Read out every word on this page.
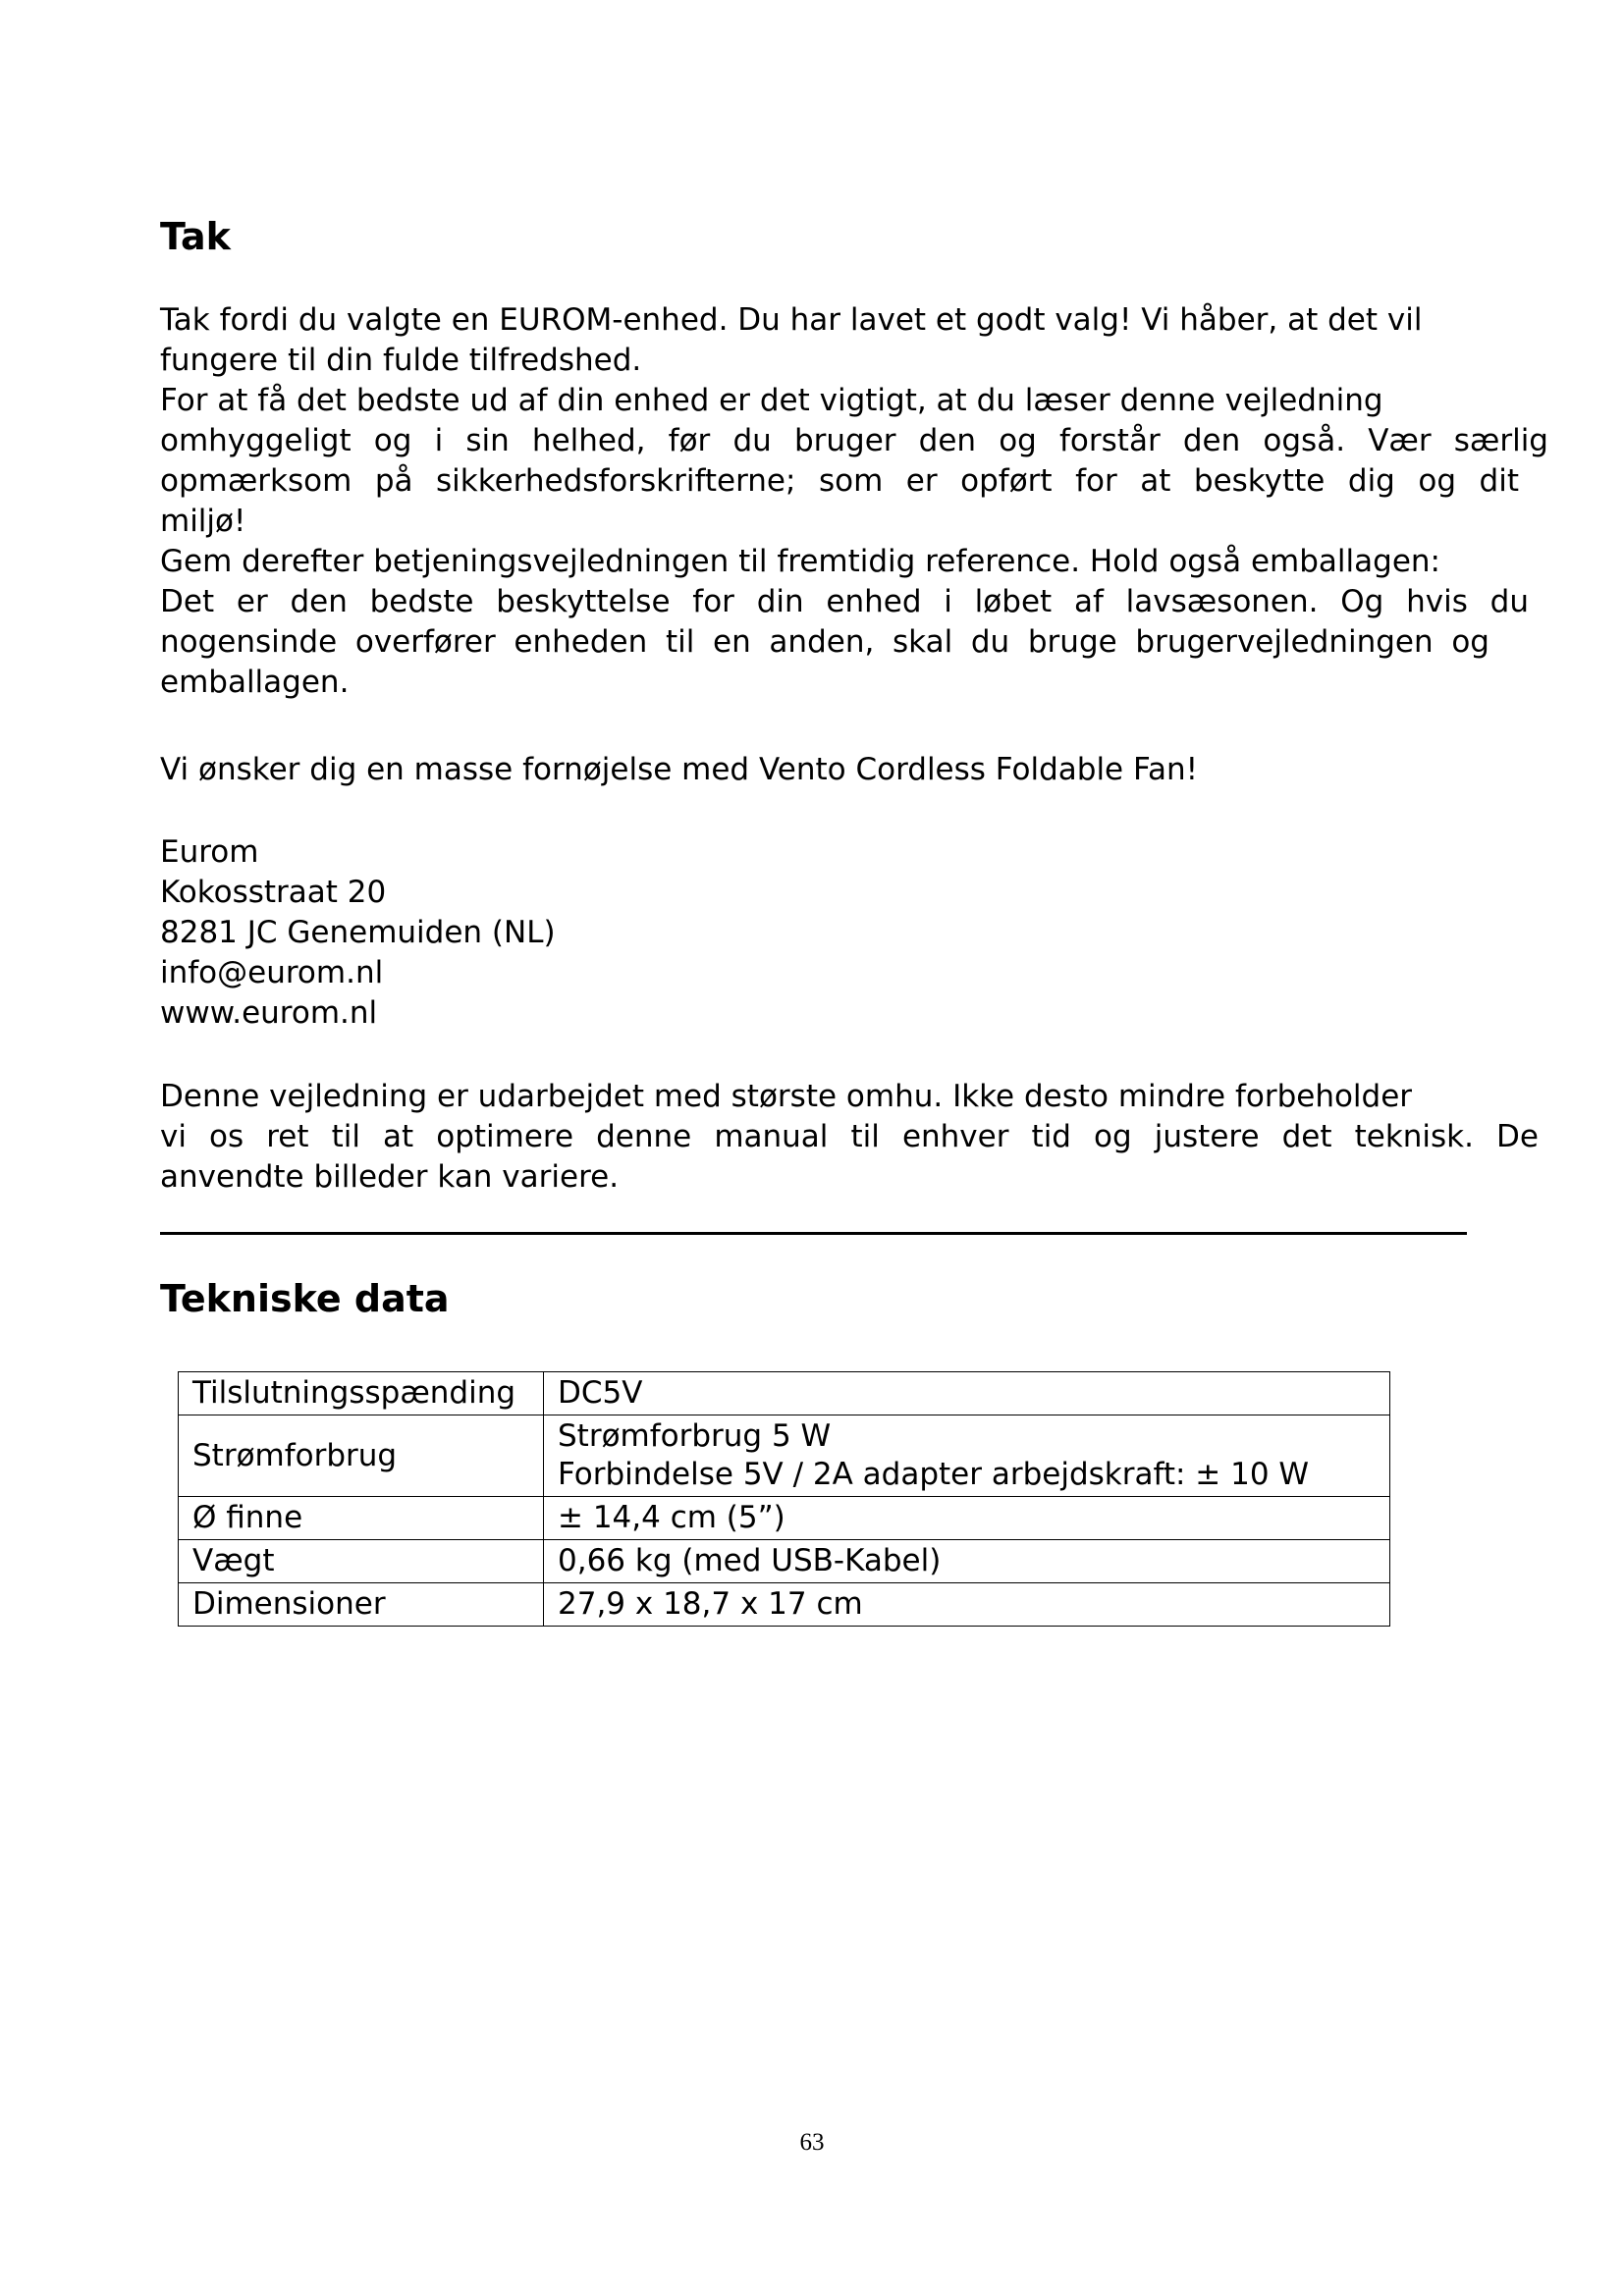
Tak
Tak fordi du valgte en EUROM-enhed. Du har lavet et godt valg! Vi håber, at det vil
fungere til din fulde tilfredshed.
For at få det bedste ud af din enhed er det vigtigt, at du læser denne vejledning
omhyggeligt og i sin helhed, før du bruger den og forstår den også. Vær særlig
opmærksom på sikkerhedsforskrifterne; som er opført for at beskytte dig og dit
miljø!
Gem derefter betjeningsvejledningen til fremtidig reference. Hold også emballagen:
Det er den bedste beskyttelse for din enhed i løbet af lavsæsonen. Og hvis du
nogensinde overfører enheden til en anden, skal du bruge brugervejledningen og
emballagen.
Vi ønsker dig en masse fornøjelse med Vento Cordless Foldable Fan!
Eurom
Kokosstraat 20
8281 JC Genemuiden (NL)
info@eurom.nl
www.eurom.nl
Denne vejledning er udarbejdet med største omhu. Ikke desto mindre forbeholder
vi os ret til at optimere denne manual til enhver tid og justere det teknisk. De
anvendte billeder kan variere.
Tekniske data
Tilslutningsspænding	DC5V
Strømforbrug	Strømforbrug 5 W
Forbindelse 5V / 2A adapter arbejdskraft: ± 10 W

Ø finne	± 14,4 cm (5”)
Vægt	0,66 kg (med USB-Kabel)
Dimensioner	27,9 x 18,7 x 17 cm
63
